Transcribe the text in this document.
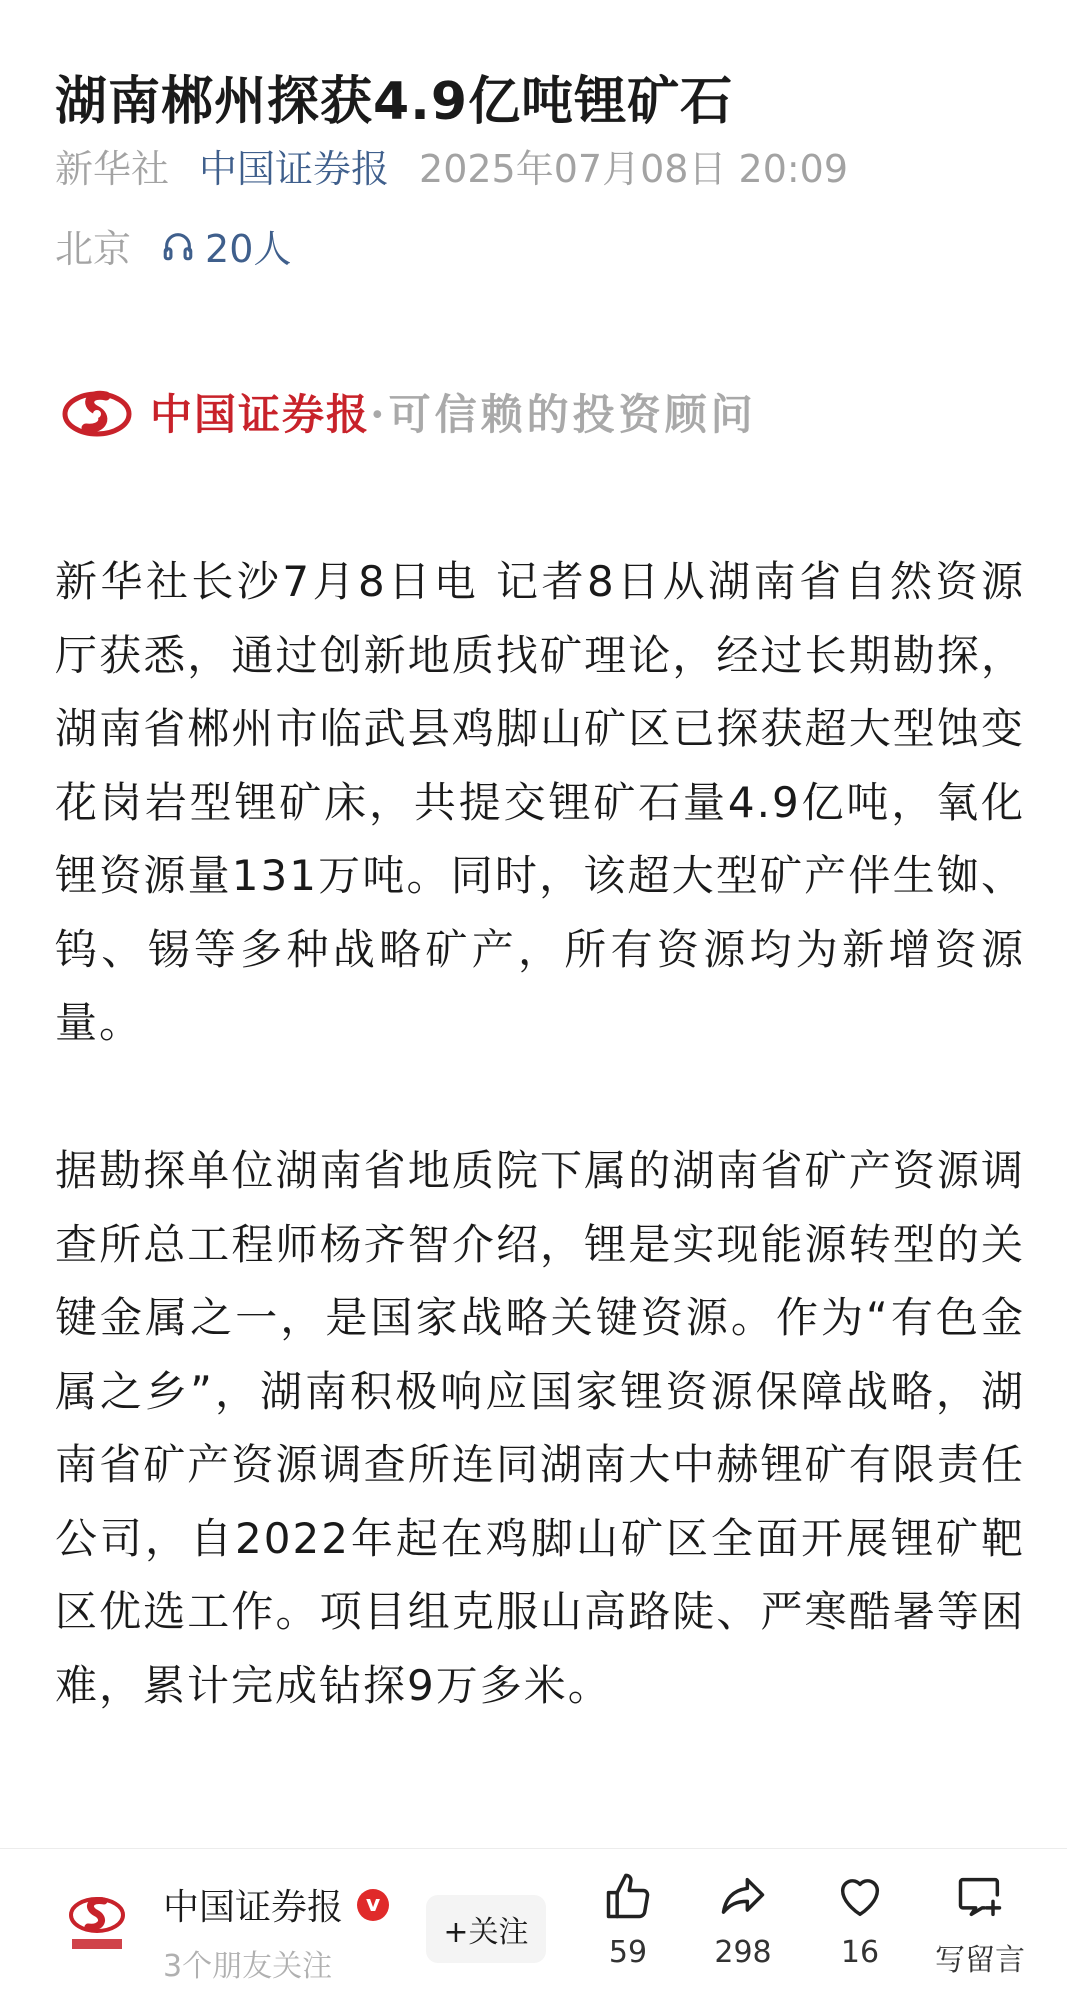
湖南郴州探获4.9亿吨锂矿石
新华社 中国证券报 2025年07月08日 20:09
北京 20人
中国证券报 ·可信赖的投资顾问

新华社长沙7月8日电 记者8日从湖南省自然资源厅获悉，通过创新地质找矿理论，经过长期勘探，湖南省郴州市临武县鸡脚山矿区已探获超大型蚀变花岗岩型锂矿床，共提交锂矿石量4.9亿吨，氧化锂资源量131万吨。同时，该超大型矿产伴生铷、钨、锡等多种战略矿产，所有资源均为新增资源量。

据勘探单位湖南省地质院下属的湖南省矿产资源调查所总工程师杨齐智介绍，锂是实现能源转型的关键金属之一，是国家战略关键资源。作为“有色金属之乡”，湖南积极响应国家锂资源保障战略，湖南省矿产资源调查所连同湖南大中赫锂矿有限责任公司，自2022年起在鸡脚山矿区全面开展锂矿靶区优选工作。项目组克服山高路陡、严寒酷暑等困难，累计完成钻探9万多米。

中国证券报	v
3个朋友关注
+关注
59 298 16 写留言
